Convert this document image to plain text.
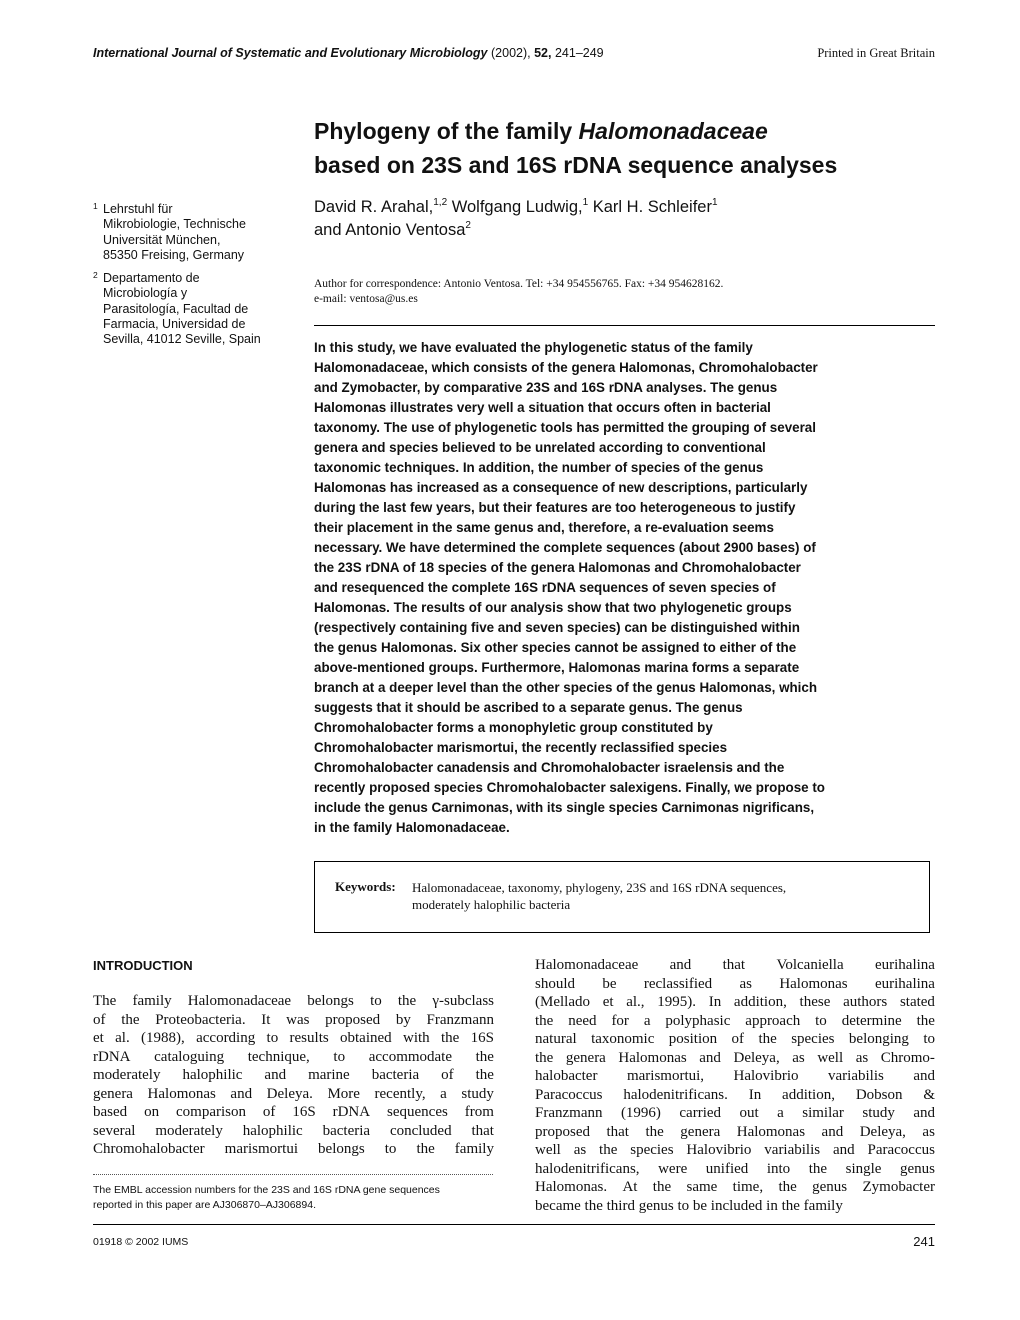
International Journal of Systematic and Evolutionary Microbiology (2002), 52, 241–249	Printed in Great Britain
Phylogeny of the family Halomonadaceae
based on 23S and 16S rDNA sequence analyses
1 Lehrstuhl für
Mikrobiologie, Technische
Universität München,
85350 Freising, Germany
2 Departamento de
Microbiología y
Parasitología, Facultad de
Farmacia, Universidad de
Sevilla, 41012 Seville, Spain
David R. Arahal,$^{1,2}$ Wolfgang Ludwig,$^1$ Karl H. Schleifer$^1$
and Antonio Ventosa$^2$
Author for correspondence: Antonio Ventosa. Tel: +34 954556765. Fax: +34 954628162.
e-mail: ventosa@us.es
In this study, we have evaluated the phylogenetic status of the family
Halomonadaceae, which consists of the genera Halomonas, Chromohalobacter
and Zymobacter, by comparative 23S and 16S rDNA analyses. The genus
Halomonas illustrates very well a situation that occurs often in bacterial
taxonomy. The use of phylogenetic tools has permitted the grouping of several
genera and species believed to be unrelated according to conventional
taxonomic techniques. In addition, the number of species of the genus
Halomonas has increased as a consequence of new descriptions, particularly
during the last few years, but their features are too heterogeneous to justify
their placement in the same genus and, therefore, a re-evaluation seems
necessary. We have determined the complete sequences (about 2900 bases) of
the 23S rDNA of 18 species of the genera Halomonas and Chromohalobacter
and resequenced the complete 16S rDNA sequences of seven species of
Halomonas. The results of our analysis show that two phylogenetic groups
(respectively containing five and seven species) can be distinguished within
the genus Halomonas. Six other species cannot be assigned to either of the
above-mentioned groups. Furthermore, Halomonas marina forms a separate
branch at a deeper level than the other species of the genus Halomonas, which
suggests that it should be ascribed to a separate genus. The genus
Chromohalobacter forms a monophyletic group constituted by
Chromohalobacter marismortui, the recently reclassified species
Chromohalobacter canadensis and Chromohalobacter israelensis and the
recently proposed species Chromohalobacter salexigens. Finally, we propose to
include the genus Carnimonas, with its single species Carnimonas nigrificans,
in the family Halomonadaceae.
Keywords: Halomonadaceae, taxonomy, phylogeny, 23S and 16S rDNA sequences,
moderately halophilic bacteria
INTRODUCTION
The family Halomonadaceae belongs to the γ-subclass
of the Proteobacteria. It was proposed by Franzmann
et al. (1988), according to results obtained with the 16S
rDNA cataloguing technique, to accommodate the
moderately halophilic and marine bacteria of the
genera Halomonas and Deleya. More recently, a study
based on comparison of 16S rDNA sequences from
several moderately halophilic bacteria concluded that
Chromohalobacter marismortui belongs to the family
Halomonadaceae and that Volcaniella eurihalina
should be reclassified as Halomonas eurihalina
(Mellado et al., 1995). In addition, these authors stated
the need for a polyphasic approach to determine the
natural taxonomic position of the species belonging to
the genera Halomonas and Deleya, as well as Chromo-
halobacter marismortui, Halovibrio variabilis and
Paracoccus halodenitrificans. In addition, Dobson &
Franzmann (1996) carried out a similar study and
proposed that the genera Halomonas and Deleya, as
well as the species Halovibrio variabilis and Paracoccus
halodenitrificans, were unified into the single genus
Halomonas. At the same time, the genus Zymobacter
became the third genus to be included in the family
The EMBL accession numbers for the 23S and 16S rDNA gene sequences
reported in this paper are AJ306870–AJ306894.
01918 © 2002 IUMS	241
